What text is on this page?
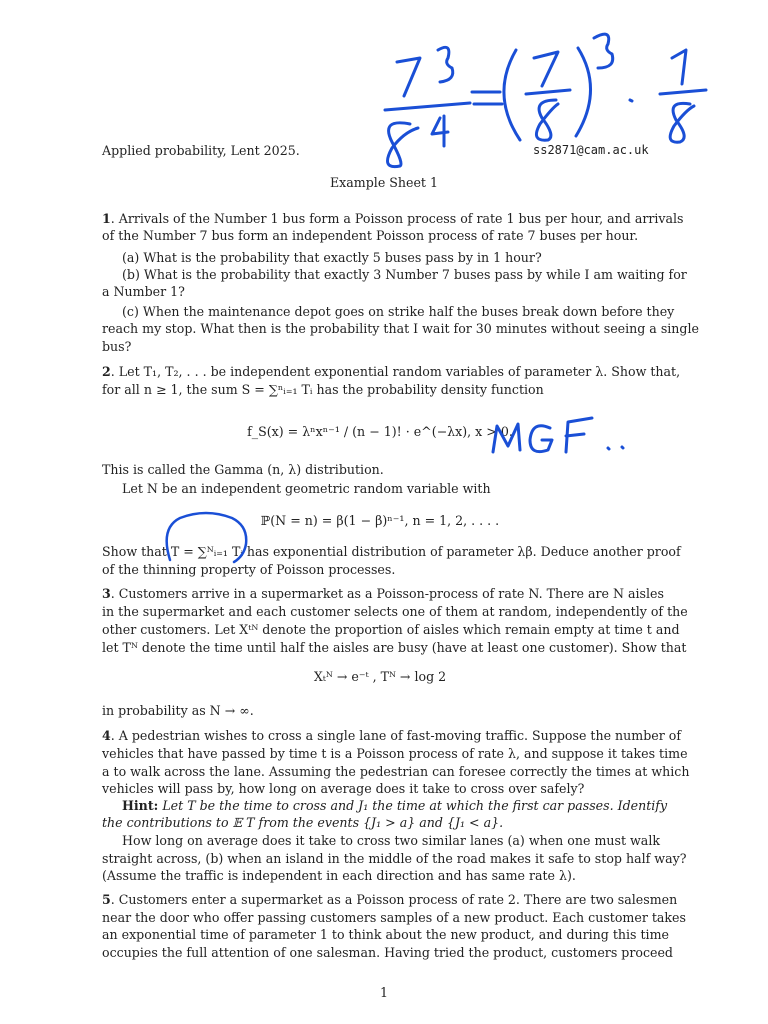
Applied probability, Lent 2025.	ss2871@cam.ac.uk
Example Sheet 1
1. Arrivals of the Number 1 bus form a Poisson process of rate 1 bus per hour, and arrivals
of the Number 7 bus form an independent Poisson process of rate 7 buses per hour.
(a) What is the probability that exactly 5 buses pass by in 1 hour?
(b) What is the probability that exactly 3 Number 7 buses pass by while I am waiting for
a Number 1?
(c) When the maintenance depot goes on strike half the buses break down before they
reach my stop. What then is the probability that I wait for 30 minutes without seeing a single
bus?
2. Let T₁, T₂, . . . be independent exponential random variables of parameter λ. Show that,
for all n ≥ 1, the sum S = ∑ⁿᵢ₌₁ Tᵢ has the probability density function
f_S(x) = λⁿxⁿ⁻¹ / (n − 1)! · e^(−λx), x > 0.
This is called the Gamma (n, λ) distribution.
Let N be an independent geometric random variable with
ℙ(N = n) = β(1 − β)ⁿ⁻¹, n = 1, 2, . . . .
Show that T = ∑ᴺᵢ₌₁ Tᵢ has exponential distribution of parameter λβ. Deduce another proof
of the thinning property of Poisson processes.
3. Customers arrive in a supermarket as a Poisson-process of rate N. There are N aisles
in the supermarket and each customer selects one of them at random, independently of the
other customers. Let Xᵗᴺ denote the proportion of aisles which remain empty at time t and
let Tᴺ denote the time until half the aisles are busy (have at least one customer). Show that
Xₜᴺ → e⁻ᵗ , Tᴺ → log 2
in probability as N → ∞.
4. A pedestrian wishes to cross a single lane of fast-moving traffic. Suppose the number of
vehicles that have passed by time t is a Poisson process of rate λ, and suppose it takes time
a to walk across the lane. Assuming the pedestrian can foresee correctly the times at which
vehicles will pass by, how long on average does it take to cross over safely?
Hint: Let T be the time to cross and J₁ the time at which the first car passes. Identify
the contributions to 𝔼 T from the events {J₁ > a} and {J₁ < a}.
How long on average does it take to cross two similar lanes (a) when one must walk
straight across, (b) when an island in the middle of the road makes it safe to stop half way?
(Assume the traffic is independent in each direction and has same rate λ).
5. Customers enter a supermarket as a Poisson process of rate 2. There are two salesmen
near the door who offer passing customers samples of a new product. Each customer takes
an exponential time of parameter 1 to think about the new product, and during this time
occupies the full attention of one salesman. Having tried the product, customers proceed
1
